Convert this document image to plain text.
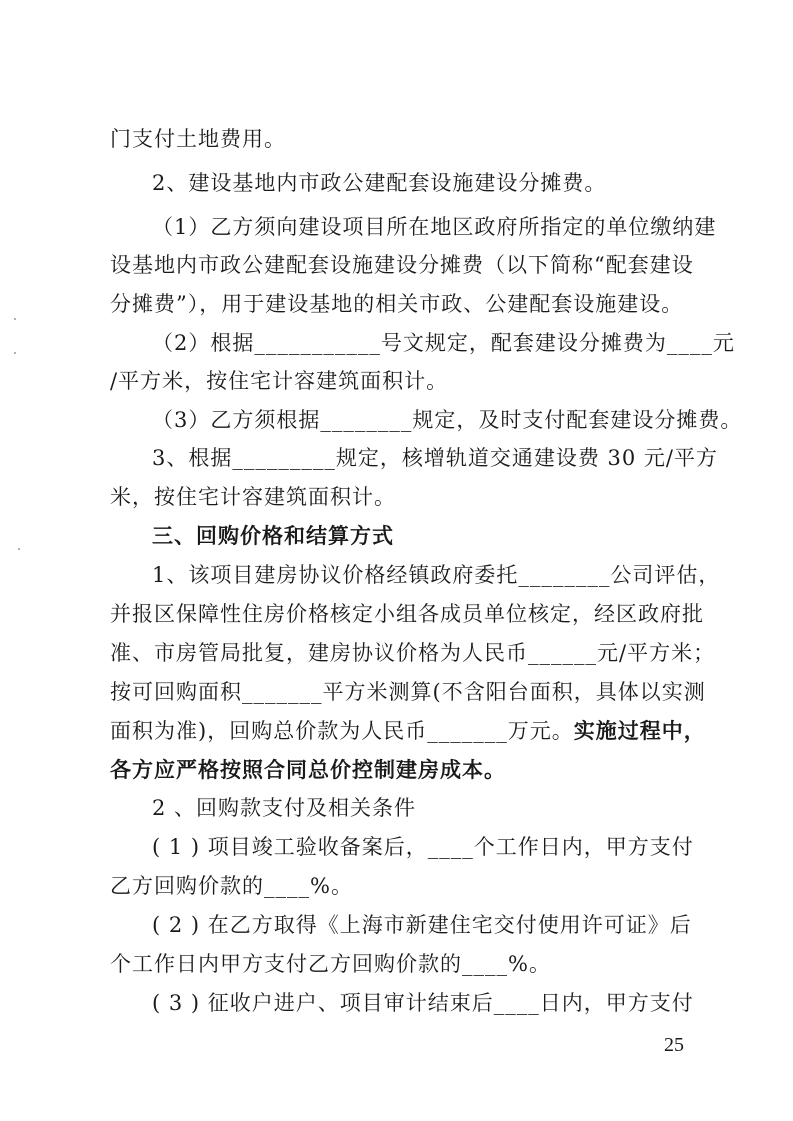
门支付土地费用。
2、建设基地内市政公建配套设施建设分摊费。
（1）乙方须向建设项目所在地区政府所指定的单位缴纳建
设基地内市政公建配套设施建设分摊费（以下简称“配套建设
分摊费”），用于建设基地的相关市政、公建配套设施建设。
（2）根据___________号文规定，配套建设分摊费为____元
/平方米，按住宅计容建筑面积计。
（3）乙方须根据________规定，及时支付配套建设分摊费。
3、根据_________规定，核增轨道交通建设费 30 元/平方
米，按住宅计容建筑面积计。
三、回购价格和结算方式
1、该项目建房协议价格经镇政府委托________公司评估，
并报区保障性住房价格核定小组各成员单位核定，经区政府批
准、市房管局批复，建房协议价格为人民币______元/平方米；
按可回购面积_______平方米测算(不含阳台面积，具体以实测
面积为准)，回购总价款为人民币_______万元。实施过程中，
各方应严格按照合同总价控制建房成本。
2 、回购款支付及相关条件
( 1 ) 项目竣工验收备案后，____个工作日内，甲方支付
乙方回购价款的____%。
( 2 ) 在乙方取得《上海市新建住宅交付使用许可证》后
个工作日内甲方支付乙方回购价款的____%。
( 3 ) 征收户进户、项目审计结束后____日内，甲方支付
25
